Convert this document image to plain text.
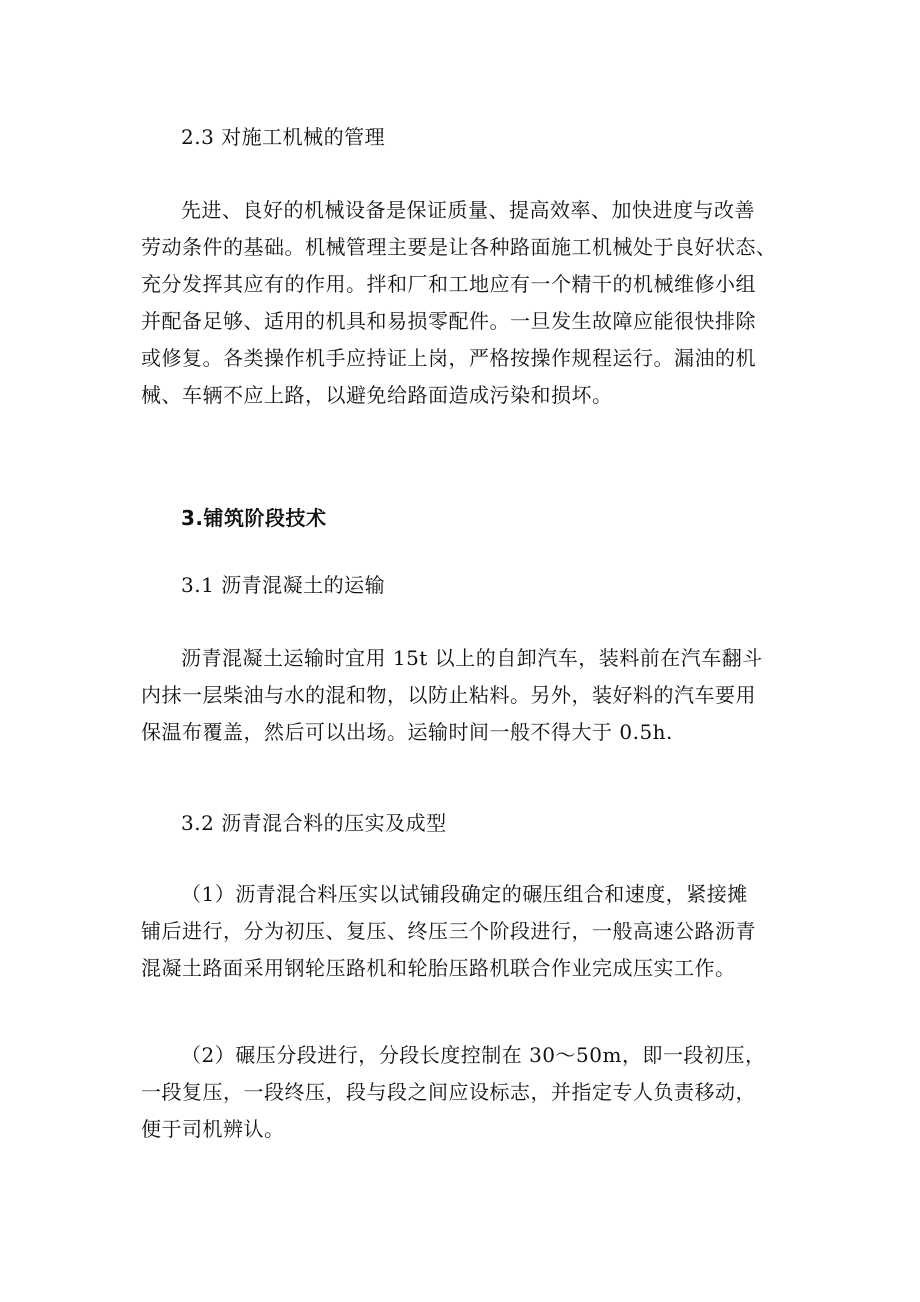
2.3 对施工机械的管理

先进、良好的机械设备是保证质量、提高效率、加快进度与改善
劳动条件的基础。机械管理主要是让各种路面施工机械处于良好状态、
充分发挥其应有的作用。拌和厂和工地应有一个精干的机械维修小组
并配备足够、适用的机具和易损零配件。一旦发生故障应能很快排除
或修复。各类操作机手应持证上岗，严格按操作规程运行。漏油的机
械、车辆不应上路，以避免给路面造成污染和损坏。

3.铺筑阶段技术

3.1 沥青混凝土的运输

沥青混凝土运输时宜用 15t 以上的自卸汽车，装料前在汽车翻斗
内抹一层柴油与水的混和物，以防止粘料。另外，装好料的汽车要用
保温布覆盖，然后可以出场。运输时间一般不得大于 0.5h.

3.2 沥青混合料的压实及成型

（1）沥青混合料压实以试铺段确定的碾压组合和速度，紧接摊
铺后进行，分为初压、复压、终压三个阶段进行，一般高速公路沥青
混凝土路面采用钢轮压路机和轮胎压路机联合作业完成压实工作。

（2）碾压分段进行，分段长度控制在 30～50m，即一段初压，
一段复压，一段终压，段与段之间应设标志，并指定专人负责移动，
便于司机辨认。
